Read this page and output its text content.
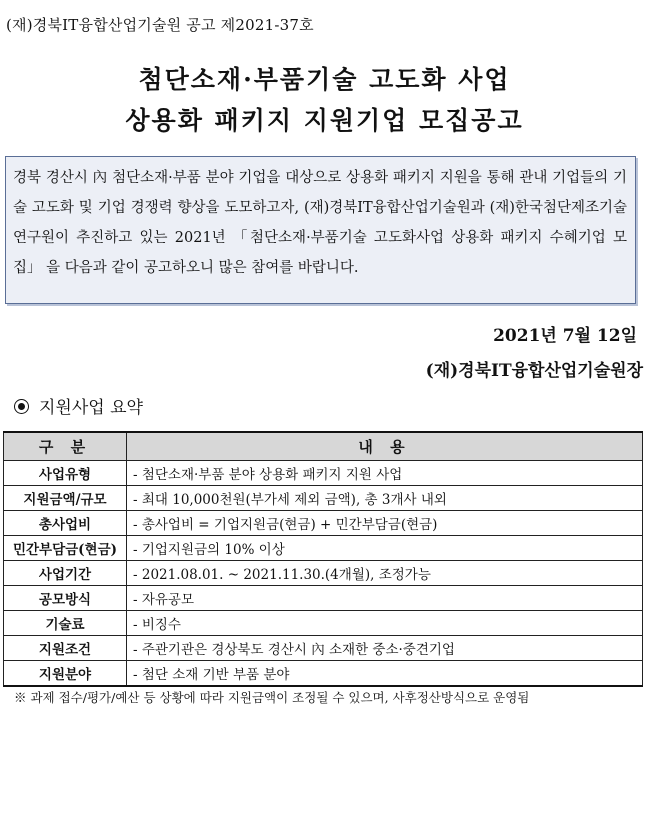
(재)경북IT융합산업기술원 공고 제2021-37호
첨단소재·부품기술 고도화 사업
상용화 패키지 지원기업 모집공고
경북 경산시 內 첨단소재·부품 분야 기업을 대상으로 상용화 패키지 지원을 통해 관내 기업들의 기술 고도화 및 기업 경쟁력 향상을 도모하고자, (재)경북IT융합산업기술원과 (재)한국첨단제조기술연구원이 추진하고 있는 2021년 「첨단소재·부품기술 고도화사업 상용화 패키지 수혜기업 모집」 을 다음과 같이 공고하오니 많은 참여를 바랍니다.
2021년 7월 12일
(재)경북IT융합산업기술원장
지원사업 요약
구 분	내 용
사업유형	- 첨단소재·부품 분야 상용화 패키지 지원 사업
지원금액/규모	- 최대 10,000천원(부가세 제외 금액), 총 3개사 내외
총사업비	- 총사업비 = 기업지원금(현금) + 민간부담금(현금)
민간부담금(현금)	- 기업지원금의 10% 이상
사업기간	- 2021.08.01. ~ 2021.11.30.(4개월), 조정가능
공모방식	- 자유공모
기술료	- 비징수
지원조건	- 주관기관은 경상북도 경산시 內 소재한 중소·중견기업
지원분야	- 첨단 소재 기반 부품 분야
※ 과제 접수/평가/예산 등 상황에 따라 지원금액이 조정될 수 있으며, 사후정산방식으로 운영됨
